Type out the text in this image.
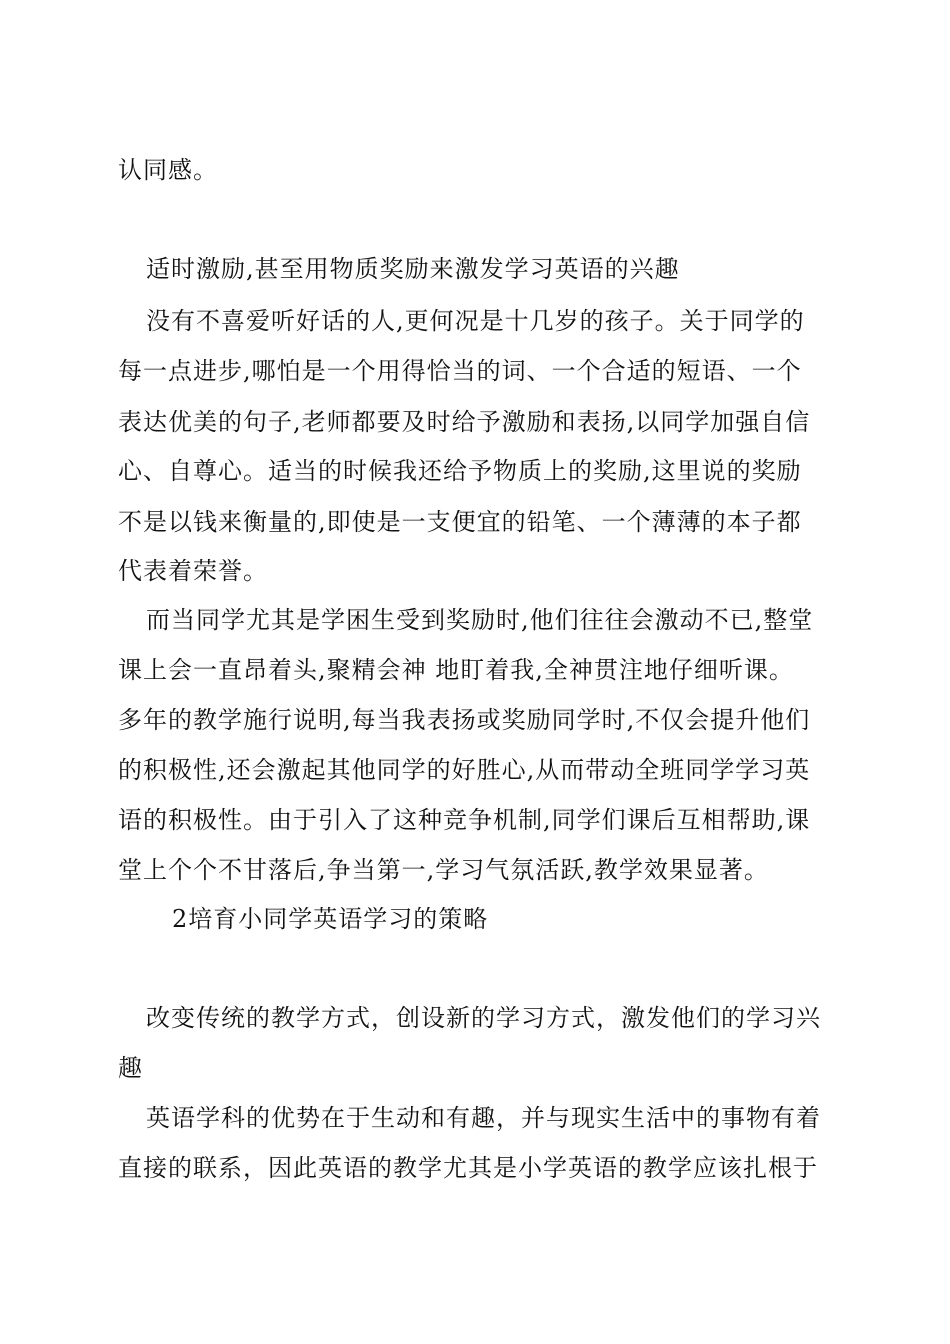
认同感。
适时激励,甚至用物质奖励来激发学习英语的兴趣
没有不喜爱听好话的人,更何况是十几岁的孩子。关于同学的
每一点进步,哪怕是一个用得恰当的词、一个合适的短语、一个
表达优美的句子,老师都要及时给予激励和表扬,以同学加强自信
心、自尊心。适当的时候我还给予物质上的奖励,这里说的奖励
不是以钱来衡量的,即使是一支便宜的铅笔、一个薄薄的本子都
代表着荣誉。
而当同学尤其是学困生受到奖励时,他们往往会激动不已,整堂
课上会一直昂着头,聚精会神 地盯着我,全神贯注地仔细听课。
多年的教学施行说明,每当我表扬或奖励同学时,不仅会提升他们
的积极性,还会激起其他同学的好胜心,从而带动全班同学学习英
语的积极性。由于引入了这种竞争机制,同学们课后互相帮助,课
堂上个个不甘落后,争当第一,学习气氛活跃,教学效果显著。
2培育小同学英语学习的策略
改变传统的教学方式，创设新的学习方式，激发他们的学习兴
趣
英语学科的优势在于生动和有趣，并与现实生活中的事物有着
直接的联系，因此英语的教学尤其是小学英语的教学应该扎根于
